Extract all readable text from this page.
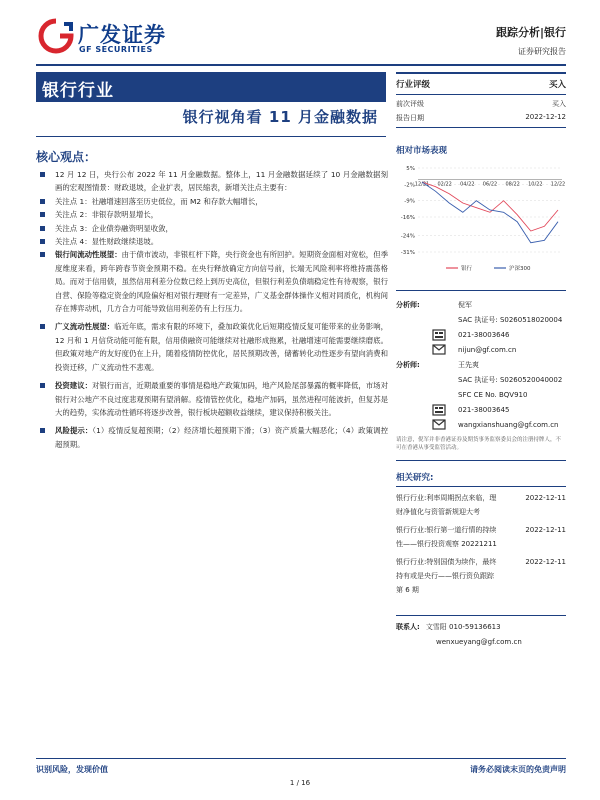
广发证券
GF SECURITIES
跟踪分析|银行
证券研究报告
银行行业
银行视角看 11 月金融数据
核心观点：
12 月 12 日，央行公布 2022 年 11 月金融数据。整体上，11 月金融数据延续了 10 月金融数据刻画的宏观图情景：财政退坡，企业扩表，居民缩表，新增关注点主要有：
关注点 1：社融增速回落至历史低位，而 M2 和存款大幅增长，
关注点 2：非银存款明显增长，
关注点 3：企业债券融资明显收敛，
关注点 4：显性财政继续退坡。
银行间流动性展望：由于债市波动，非银杠杆下降，央行资金也有所回护。短期资金面相对宽松，但季度维度来看，跨年跨春节资金预期不稳。在央行释放确定方向信号前，长端无风险利率将维持震荡格局。而对于信用债，虽然信用利差分位数已经上到历史高位，但银行利差负债端稳定性有待观察，银行自营、保险等稳定资金的风险偏好相对银行理财有一定差异，广义基金群体操作义相对同质化，机构间存在博弈动机，几方合力可能导致信用利差仍有上行压力。
广义流动性展望：临近年底，需求有限的环境下，叠加政策优化后短期疫情反复可能带来的业务影响，12 月和 1 月信贷动能可能有限，信用债融资可能继续对社融形成拖累，社融增速可能需要继续磨底。但政策对地产的友好度仍在上升，随着疫情防控优化，居民预期改善，储蓄转化动性逐步有望向消费和投资迁移，广义流动性不悲观。
投资建议：对银行而言，近期最重要的事情是稳地产政策加码，地产风险尾部暴露的概率降低，市场对银行对公地产不良过度悲观预期有望消解。疫情管控优化，稳地产加码，虽然进程可能波折，但复苏是大的趋势，实体流动性循环将逐步改善，银行板块超额收益继续，建议保持积极关注。
风险提示：（1）疫情反复超预期；（2）经济增长超预期下滑；（3）资产质量大幅恶化；（4）政策调控超预期。
行业评级	买入
前次评级	买入
报告日期	2022-12-12
相对市场表现
5%
-2%
-9%
-16%
-24%
-31%
12/21 02/22 04/22 06/22 08/22 10/22 12/22
银行	沪深300
分析师:	倪军
SAC 执证号:
S0260518020004
021-38003646
nijun@gf.com.cn
分析师:	王先爽
SAC 执证号:
S0260520040002
SFC CE No. BQV910
021-38003645
wangxianshuang@gf.com.cn
请注意，倪军并非香港证券及期货事务监察委员会的注册持牌人，不可在香港从事受监管活动。
相关研究:
银行行业:利率周期拐点来临，理财净值化与资管新规迎大考
2022-12-11
银行行业:银行第一道行情的持续性——银行投资观察 20221211
2022-12-11
银行行业:特别国债为续作，最终持有或是央行——银行资负跟踪第 6 期
2022-12-11
联系人: 文雪阳 010-59136613
wenxueyang@gf.com.cn
识别风险，发现价值	请务必阅读末页的免责声明
1 / 16
